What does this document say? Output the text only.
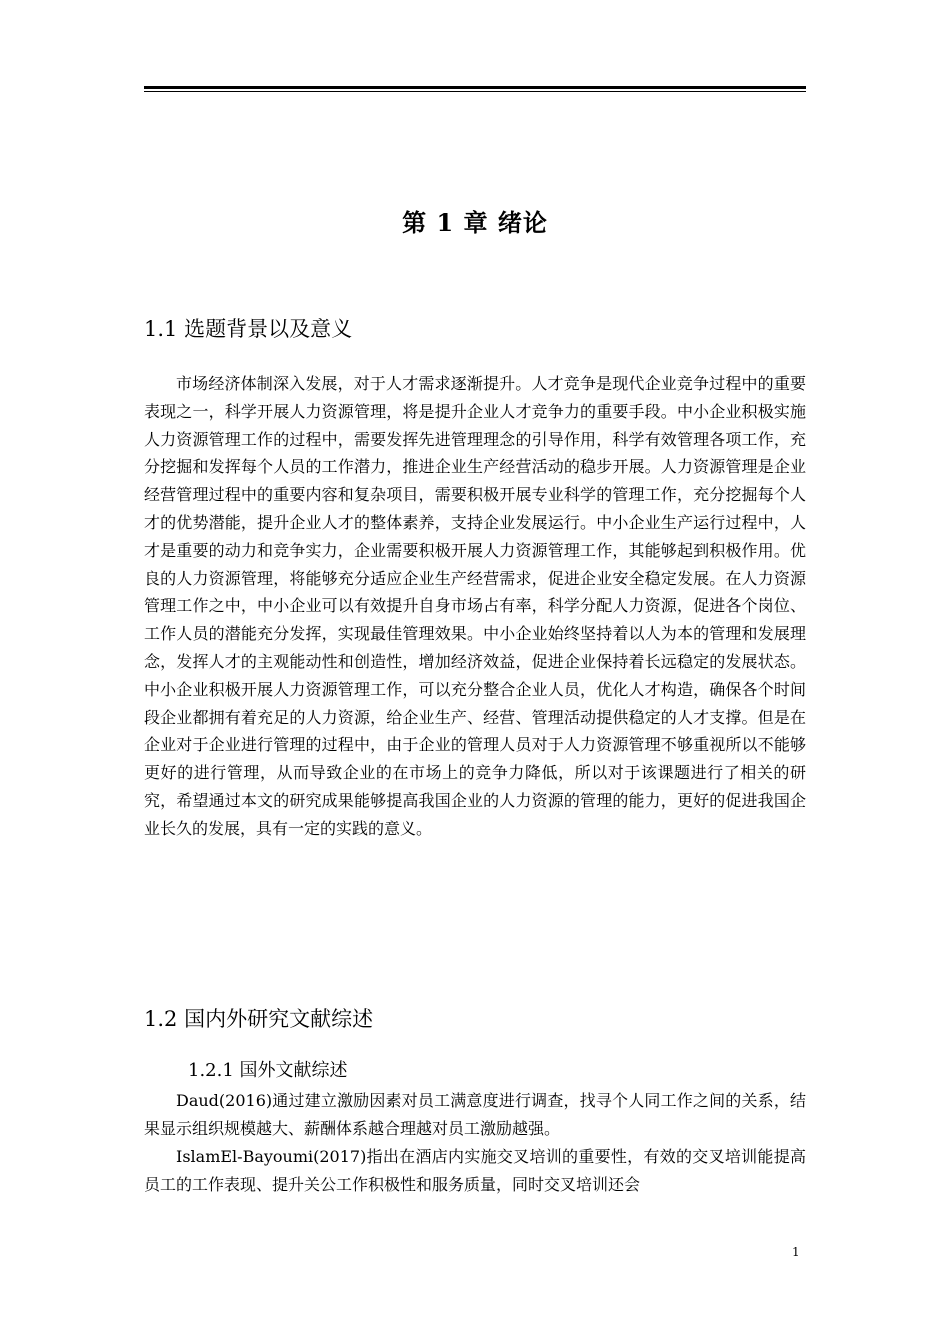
第 1 章 绪论
1.1 选题背景以及意义

市场经济体制深入发展，对于人才需求逐渐提升。人才竞争是现代企业竞争过程中的重要表现之一，科学开展人力资源管理，将是提升企业人才竞争力的重要手段。中小企业积极实施人力资源管理工作的过程中，需要发挥先进管理理念的引导作用，科学有效管理各项工作，充分挖掘和发挥每个人员的工作潜力，推进企业生产经营活动的稳步开展。人力资源管理是企业经营管理过程中的重要内容和复杂项目，需要积极开展专业科学的管理工作，充分挖掘每个人才的优势潜能，提升企业人才的整体素养，支持企业发展运行。中小企业生产运行过程中，人才是重要的动力和竞争实力，企业需要积极开展人力资源管理工作，其能够起到积极作用。优良的人力资源管理，将能够充分适应企业生产经营需求，促进企业安全稳定发展。在人力资源管理工作之中，中小企业可以有效提升自身市场占有率，科学分配人力资源，促进各个岗位、工作人员的潜能充分发挥，实现最佳管理效果。中小企业始终坚持着以人为本的管理和发展理念，发挥人才的主观能动性和创造性，增加经济效益，促进企业保持着长远稳定的发展状态。中小企业积极开展人力资源管理工作，可以充分整合企业人员，优化人才构造，确保各个时间段企业都拥有着充足的人力资源，给企业生产、经营、管理活动提供稳定的人才支撑。但是在企业对于企业进行管理的过程中，由于企业的管理人员对于人力资源管理不够重视所以不能够更好的进行管理，从而导致企业的在市场上的竞争力降低，所以对于该课题进行了相关的研究，希望通过本文的研究成果能够提高我国企业的人力资源的管理的能力，更好的促进我国企业长久的发展，具有一定的实践的意义。

1.2 国内外研究文献综述
1.2.1 国外文献综述

Daud(2016)通过建立激励因素对员工满意度进行调查，找寻个人同工作之间的关系，结果显示组织规模越大、薪酬体系越合理越对员工激励越强。

IslamEl-Bayoumi(2017)指出在酒店内实施交叉培训的重要性，有效的交叉培训能提高员工的工作表现、提升关公工作积极性和服务质量，同时交叉培训还会

1
